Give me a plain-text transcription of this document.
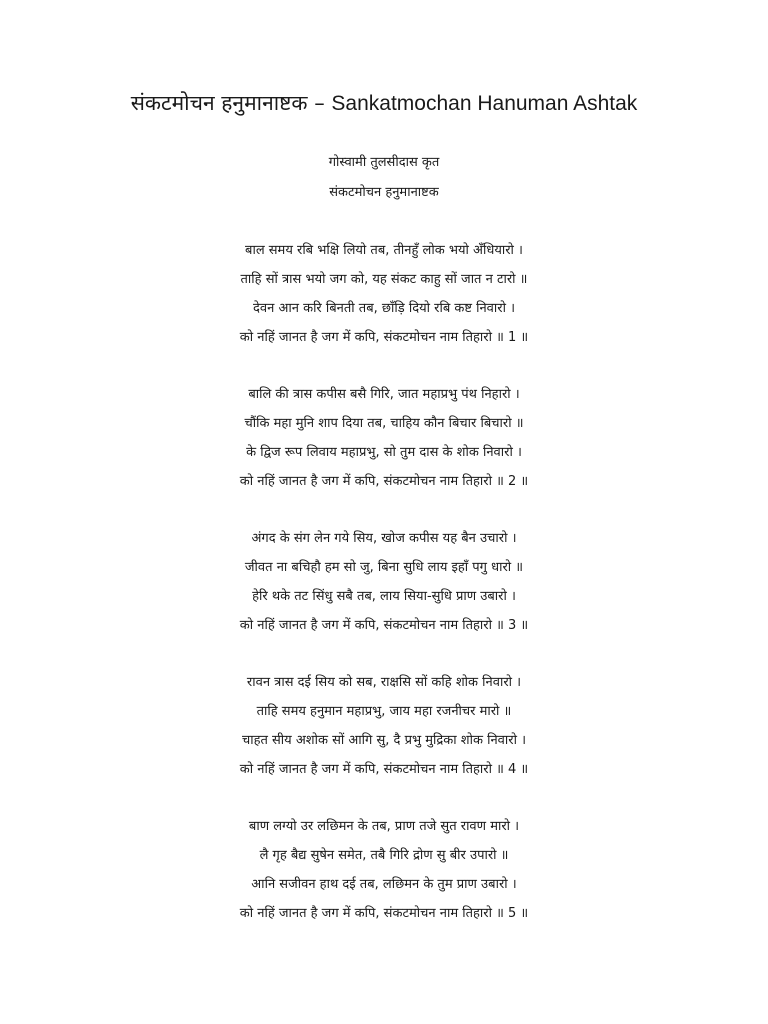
संकटमोचन हनुमानाष्टक – Sankatmochan Hanuman Ashtak
गोस्वामी तुलसीदास कृत
संकटमोचन हनुमानाष्टक
बाल समय रबि भक्षि लियो तब, तीनहुँ लोक भयो अँधियारो ।
ताहि सों त्रास भयो जग को, यह संकट काहु सों जात न टारो ॥
देवन आन करि बिनती तब, छाँड़ि दियो रबि कष्ट निवारो ।
को नहिं जानत है जग में कपि, संकटमोचन नाम तिहारो ॥ 1 ॥
बालि की त्रास कपीस बसै गिरि, जात महाप्रभु पंथ निहारो ।
चौंकि महा मुनि शाप दिया तब, चाहिय कौन बिचार बिचारो ॥
के द्विज रूप लिवाय महाप्रभु, सो तुम दास के शोक निवारो ।
को नहिं जानत है जग में कपि, संकटमोचन नाम तिहारो ॥ 2 ॥
अंगद के संग लेन गये सिय, खोज कपीस यह बैन उचारो ।
जीवत ना बचिहौ हम सो जु, बिना सुधि लाय इहाँ पगु धारो ॥
हेरि थके तट सिंधु सबै तब, लाय सिया-सुधि प्राण उबारो ।
को नहिं जानत है जग में कपि, संकटमोचन नाम तिहारो ॥ 3 ॥
रावन त्रास दई सिय को सब, राक्षसि सों कहि शोक निवारो ।
ताहि समय हनुमान महाप्रभु, जाय महा रजनीचर मारो ॥
चाहत सीय अशोक सों आगि सु, दै प्रभु मुद्रिका शोक निवारो ।
को नहिं जानत है जग में कपि, संकटमोचन नाम तिहारो ॥ 4 ॥
बाण लग्यो उर लछिमन के तब, प्राण तजे सुत रावण मारो ।
लै गृह बैद्य सुषेन समेत, तबै गिरि द्रोण सु बीर उपारो ॥
आनि सजीवन हाथ दई तब, लछिमन के तुम प्राण उबारो ।
को नहिं जानत है जग में कपि, संकटमोचन नाम तिहारो ॥ 5 ॥
